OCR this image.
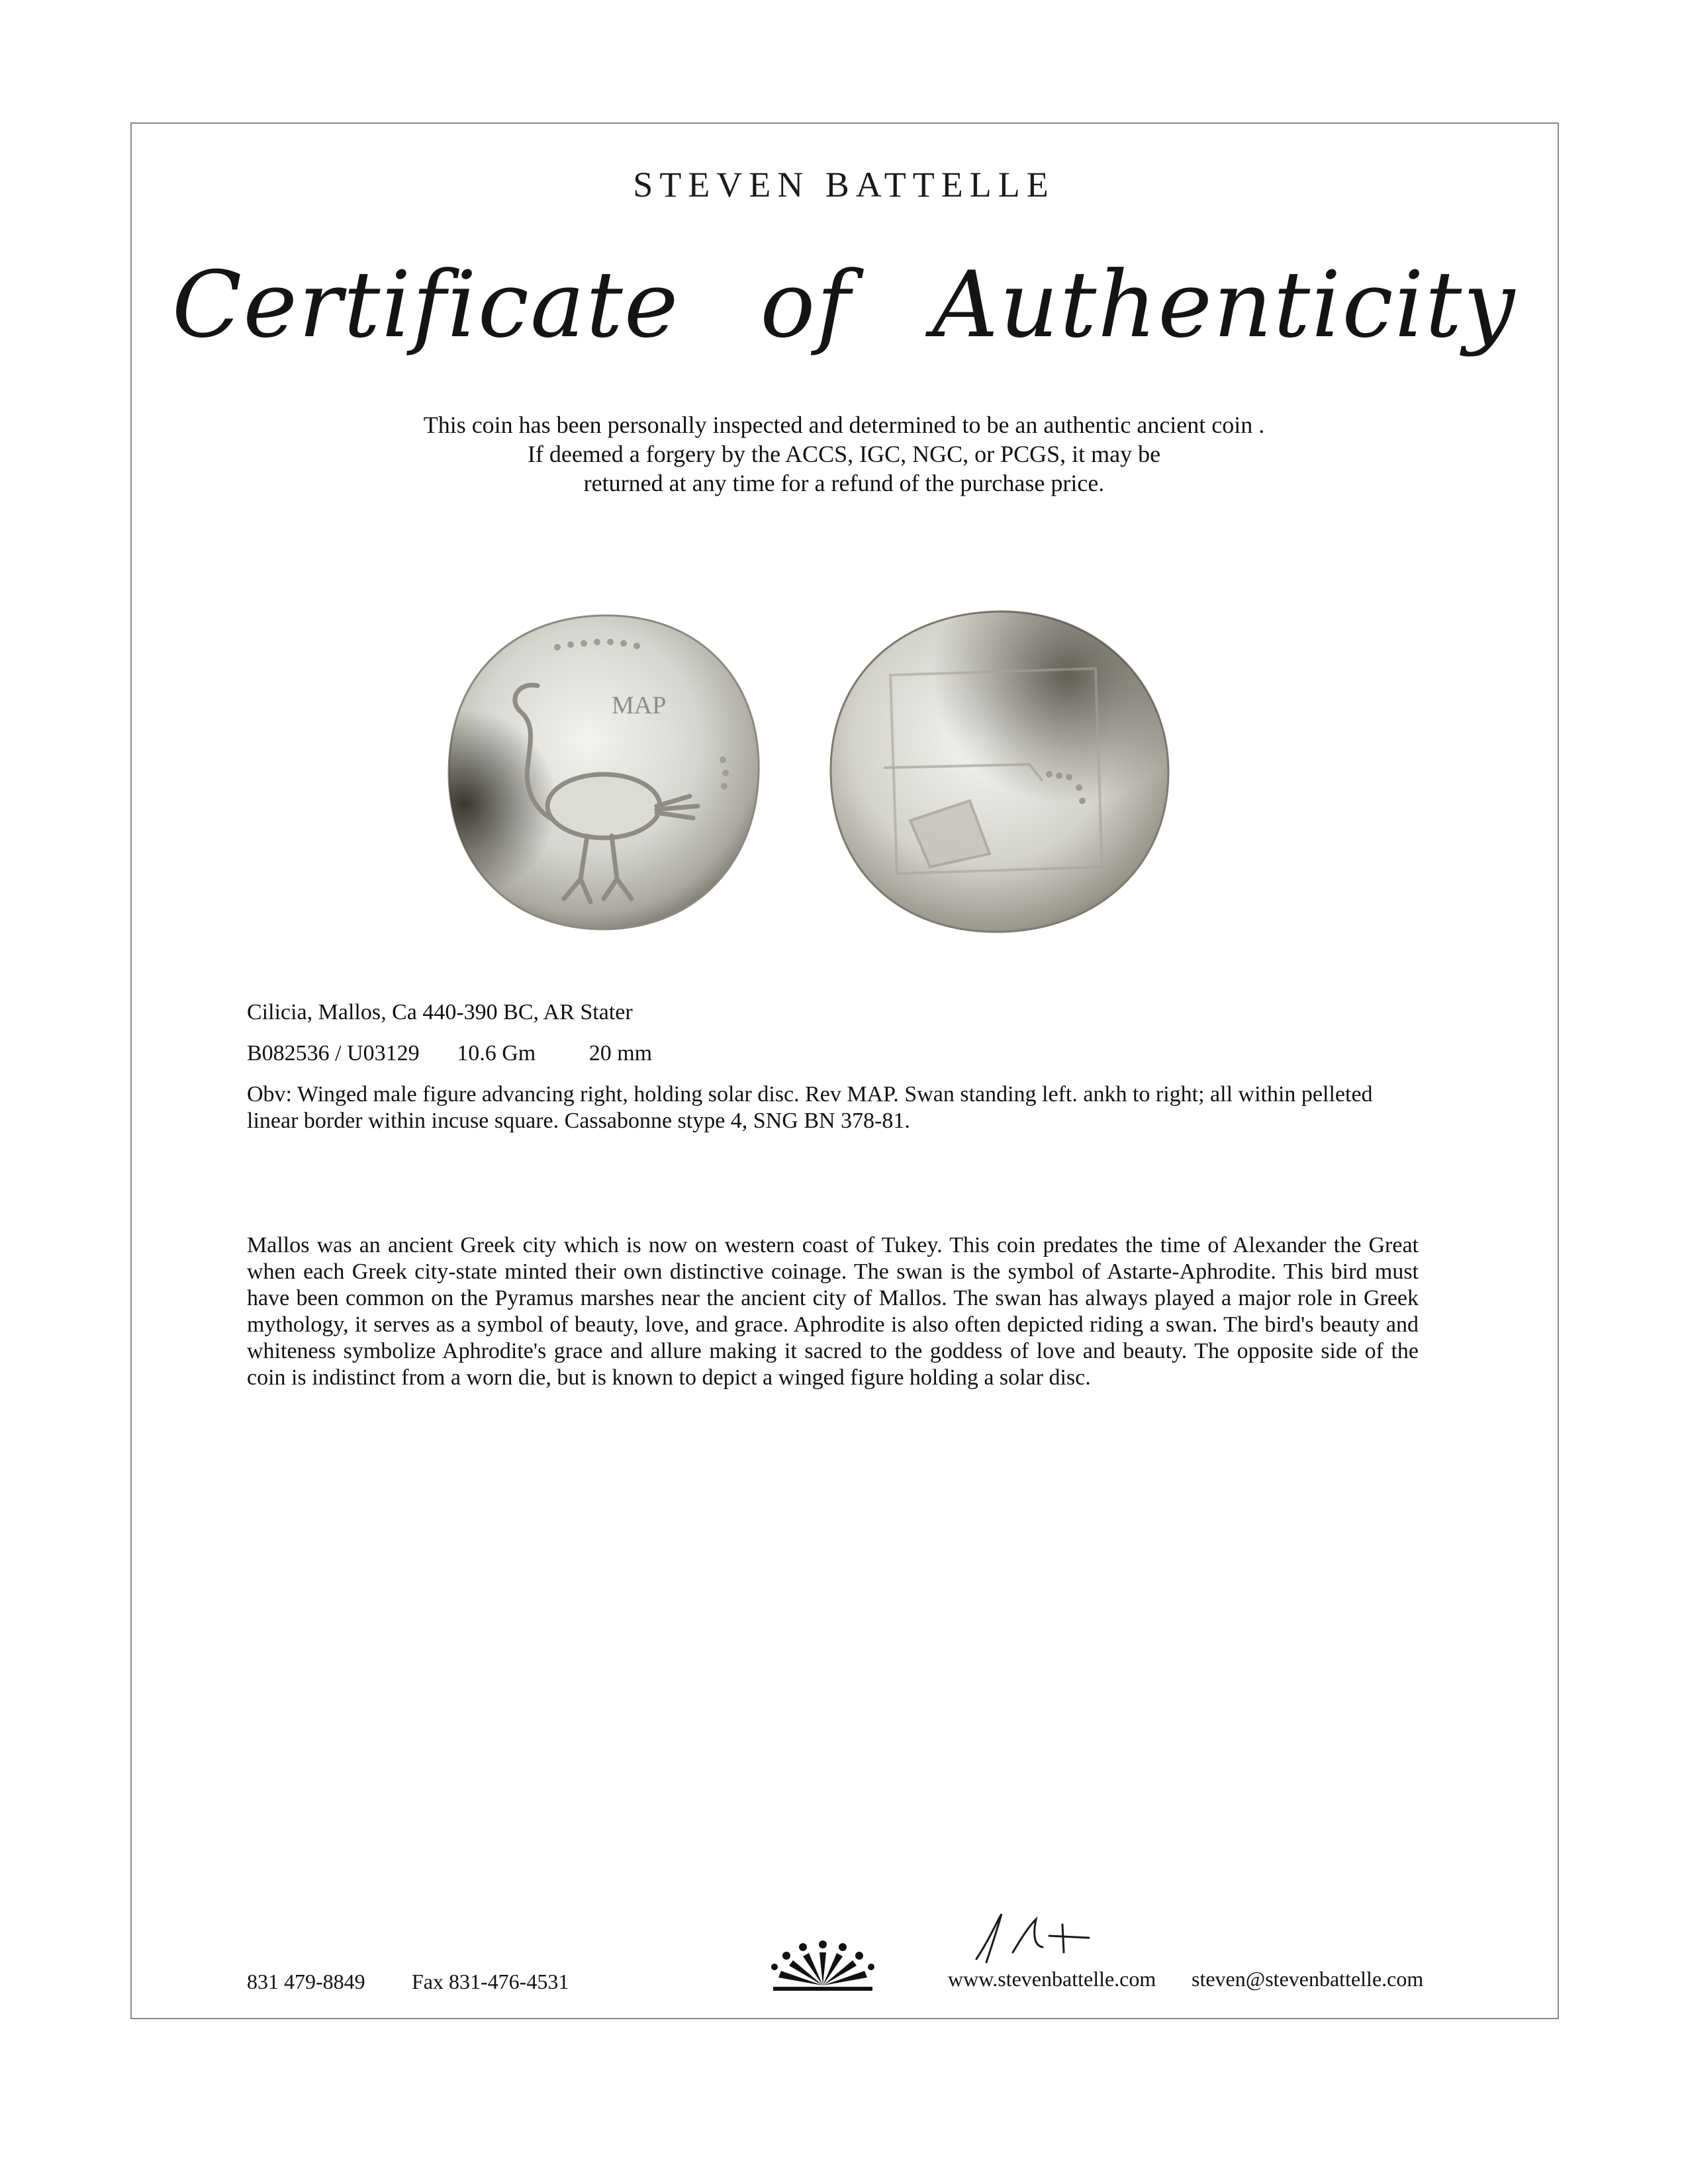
STEVEN BATTELLE
Certificate of Authenticity
This coin has been personally inspected and determined to be an authentic ancient coin .
If deemed a forgery by the ACCS, IGC, NGC, or PCGS, it may be
returned at any time for a refund of the purchase price.
MAP
Cilicia, Mallos, Ca 440-390 BC, AR Stater
B082536 / U03129 10.6 Gm 20 mm
Obv: Winged male figure advancing right, holding solar disc. Rev MAP. Swan standing left. ankh to right; all within pelleted linear border within incuse square. Cassabonne stype 4, SNG BN 378-81.
Mallos was an ancient Greek city which is now on western coast of Tukey. This coin predates the time of Alexander the Great when each Greek city-state minted their own distinctive coinage. The swan is the symbol of Astarte-Aphrodite. This bird must have been common on the Pyramus marshes near the ancient city of Mallos. The swan has always played a major role in Greek mythology, it serves as a symbol of beauty, love, and grace. Aphrodite is also often depicted riding a swan. The bird's beauty and whiteness symbolize Aphrodite's grace and allure making it sacred to the goddess of love and beauty. The opposite side of the coin is indistinct from a worn die, but is known to depict a winged figure holding a solar disc.
831 479-8849 Fax 831-476-4531	www.stevenbattelle.com steven@stevenbattelle.com
